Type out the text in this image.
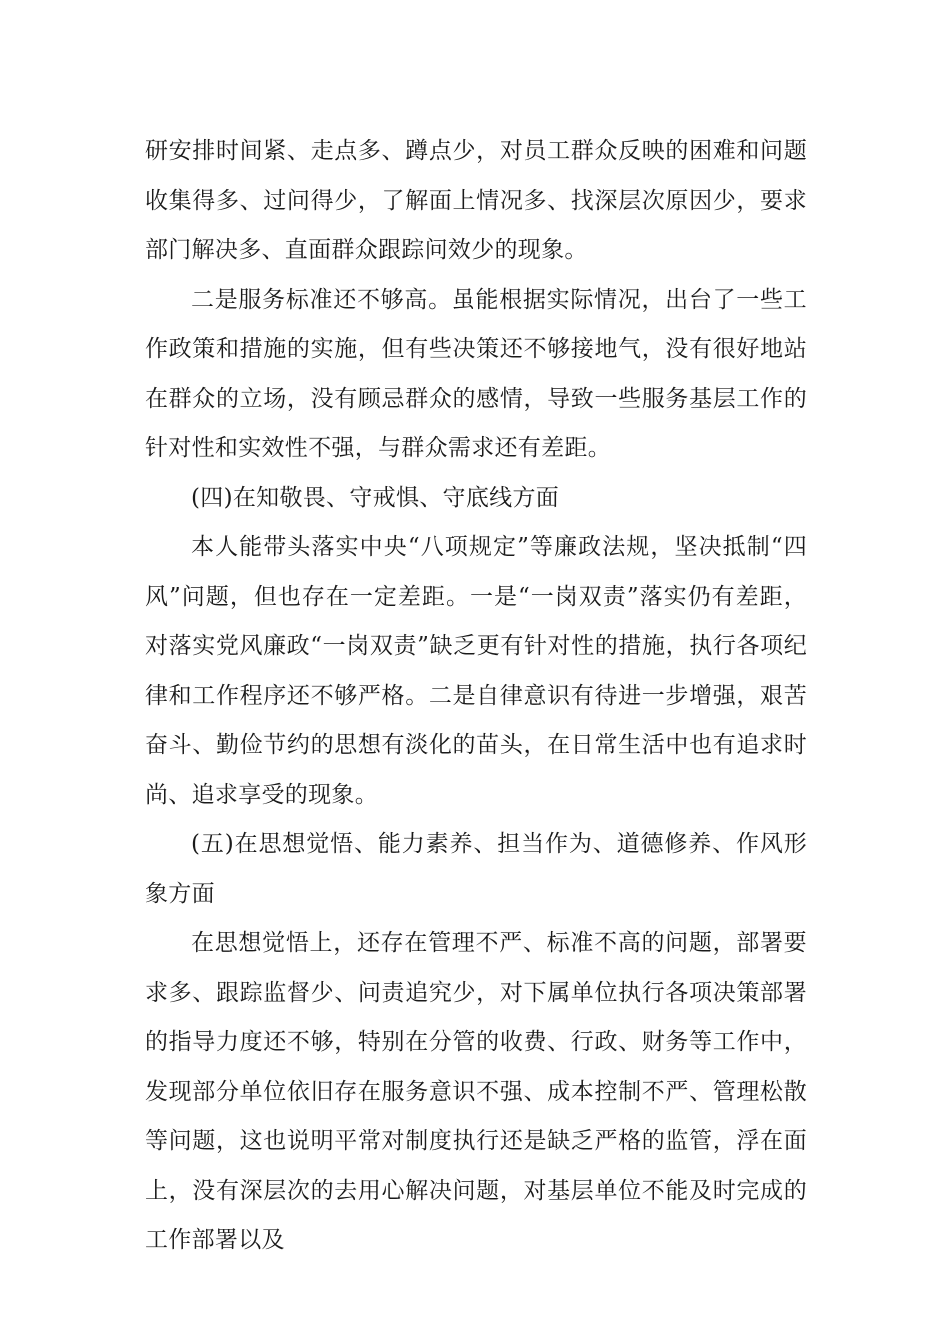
研安排时间紧、走点多、蹲点少，对员工群众反映的困难和问题收集得多、过问得少，了解面上情况多、找深层次原因少，要求部门解决多、直面群众跟踪问效少的现象。

二是服务标准还不够高。虽能根据实际情况，出台了一些工作政策和措施的实施，但有些决策还不够接地气，没有很好地站在群众的立场，没有顾忌群众的感情，导致一些服务基层工作的针对性和实效性不强，与群众需求还有差距。

(四)在知敬畏、守戒惧、守底线方面

本人能带头落实中央“八项规定”等廉政法规，坚决抵制“四风”问题，但也存在一定差距。一是“一岗双责”落实仍有差距，对落实党风廉政“一岗双责”缺乏更有针对性的措施，执行各项纪律和工作程序还不够严格。二是自律意识有待进一步增强，艰苦奋斗、勤俭节约的思想有淡化的苗头，在日常生活中也有追求时尚、追求享受的现象。

(五)在思想觉悟、能力素养、担当作为、道德修养、作风形象方面

在思想觉悟上，还存在管理不严、标准不高的问题，部署要求多、跟踪监督少、问责追究少，对下属单位执行各项决策部署的指导力度还不够，特别在分管的收费、行政、财务等工作中，发现部分单位依旧存在服务意识不强、成本控制不严、管理松散等问题，这也说明平常对制度执行还是缺乏严格的监管，浮在面上，没有深层次的去用心解决问题，对基层单位不能及时完成的工作部署以及
